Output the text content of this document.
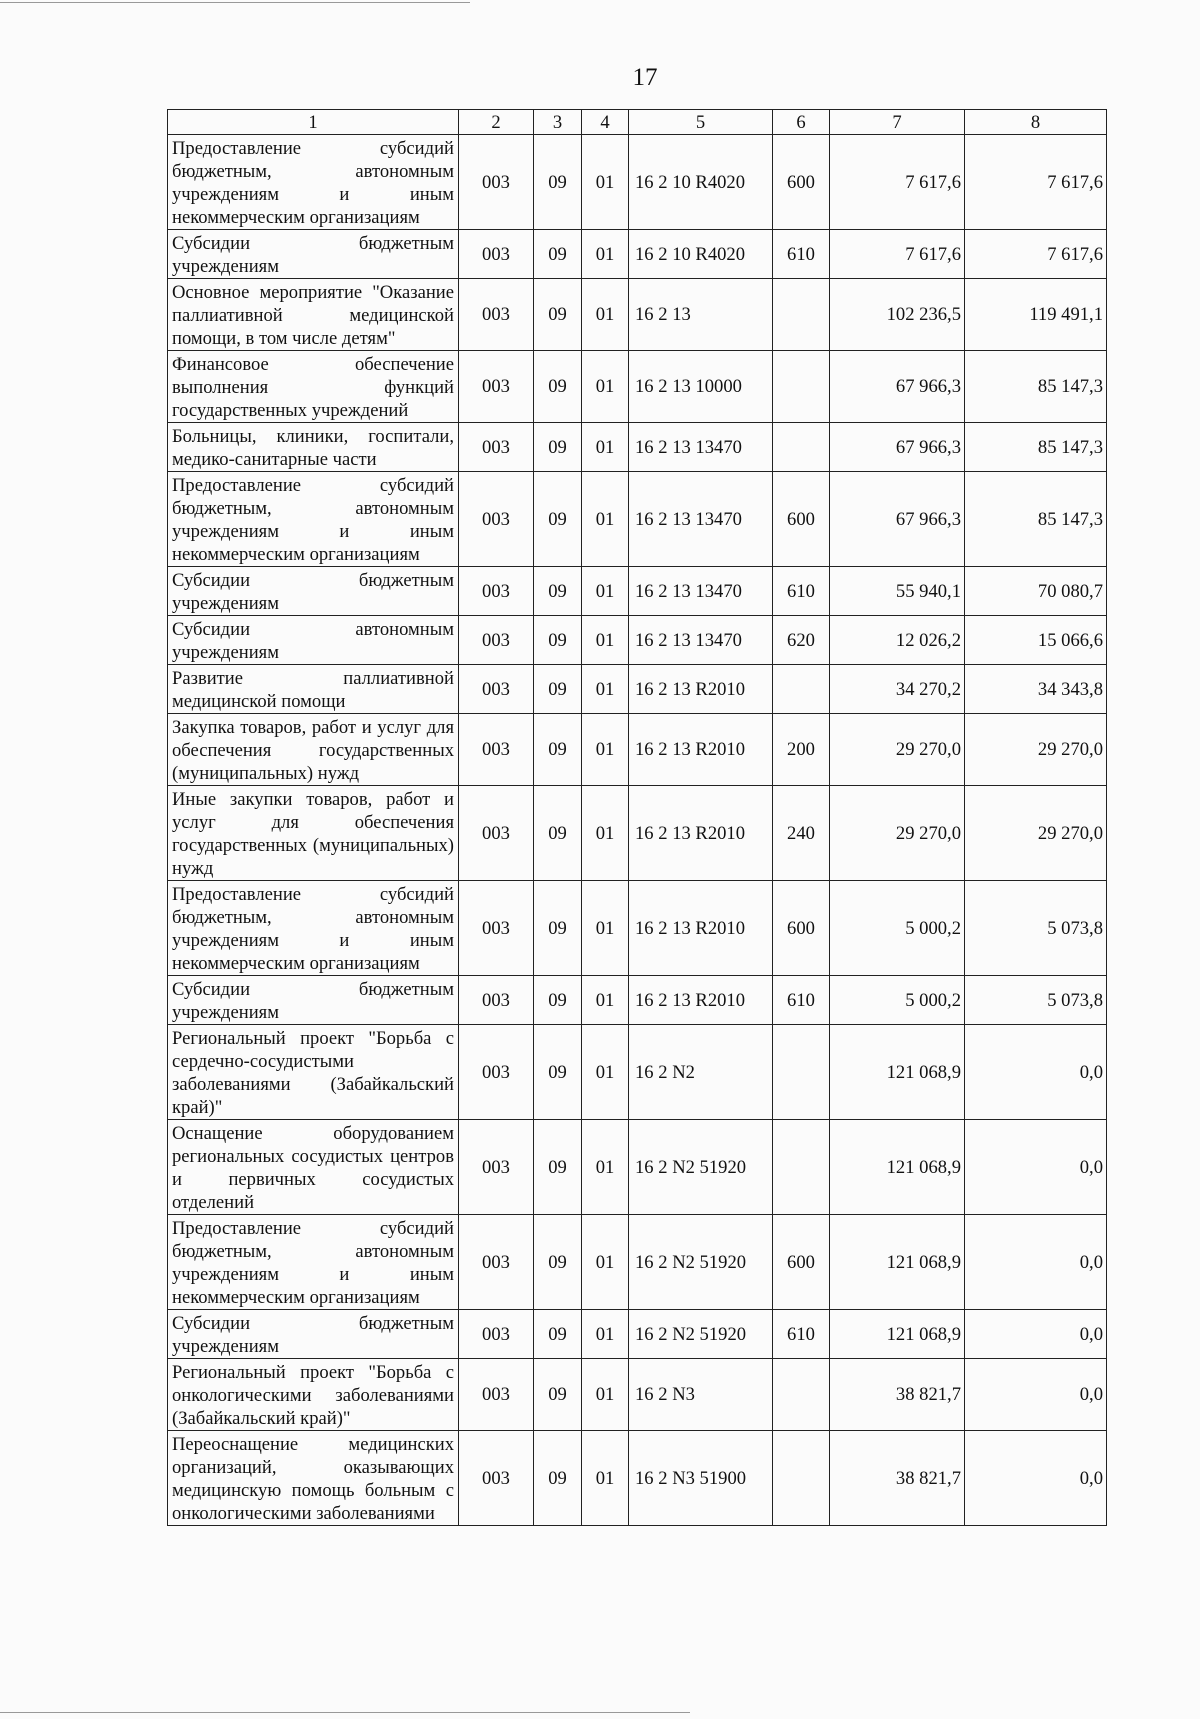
17
1	2	3	4	5	6	7	8
Предоставление субсидий бюджетным, автономным учреждениям и иным некоммерческим организациям	003	09	01	16 2 10 R4020	600	7 617,6	7 617,6
Субсидии бюджетным учреждениям	003	09	01	16 2 10 R4020	610	7 617,6	7 617,6
Основное мероприятие "Оказание паллиативной медицинской помощи, в том числе детям"	003	09	01	16 2 13		102 236,5	119 491,1
Финансовое обеспечение выполнения функций государственных учреждений	003	09	01	16 2 13 10000		67 966,3	85 147,3
Больницы, клиники, госпитали, медико-санитарные части	003	09	01	16 2 13 13470		67 966,3	85 147,3
Предоставление субсидий бюджетным, автономным учреждениям и иным некоммерческим организациям	003	09	01	16 2 13 13470	600	67 966,3	85 147,3
Субсидии бюджетным учреждениям	003	09	01	16 2 13 13470	610	55 940,1	70 080,7
Субсидии автономным учреждениям	003	09	01	16 2 13 13470	620	12 026,2	15 066,6
Развитие паллиативной медицинской помощи	003	09	01	16 2 13 R2010		34 270,2	34 343,8
Закупка товаров, работ и услуг для обеспечения государственных (муниципальных) нужд	003	09	01	16 2 13 R2010	200	29 270,0	29 270,0
Иные закупки товаров, работ и услуг для обеспечения государственных (муниципальных) нужд	003	09	01	16 2 13 R2010	240	29 270,0	29 270,0
Предоставление субсидий бюджетным, автономным учреждениям и иным некоммерческим организациям	003	09	01	16 2 13 R2010	600	5 000,2	5 073,8
Субсидии бюджетным учреждениям	003	09	01	16 2 13 R2010	610	5 000,2	5 073,8
Региональный проект "Борьба с сердечно-сосудистыми заболеваниями (Забайкальский край)"	003	09	01	16 2 N2		121 068,9	0,0
Оснащение оборудованием региональных сосудистых центров и первичных сосудистых отделений	003	09	01	16 2 N2 51920		121 068,9	0,0
Предоставление субсидий бюджетным, автономным учреждениям и иным некоммерческим организациям	003	09	01	16 2 N2 51920	600	121 068,9	0,0
Субсидии бюджетным учреждениям	003	09	01	16 2 N2 51920	610	121 068,9	0,0
Региональный проект "Борьба с онкологическими заболеваниями (Забайкальский край)"	003	09	01	16 2 N3		38 821,7	0,0
Переоснащение медицинских организаций, оказывающих медицинскую помощь больным с онкологическими заболеваниями	003	09	01	16 2 N3 51900		38 821,7	0,0
